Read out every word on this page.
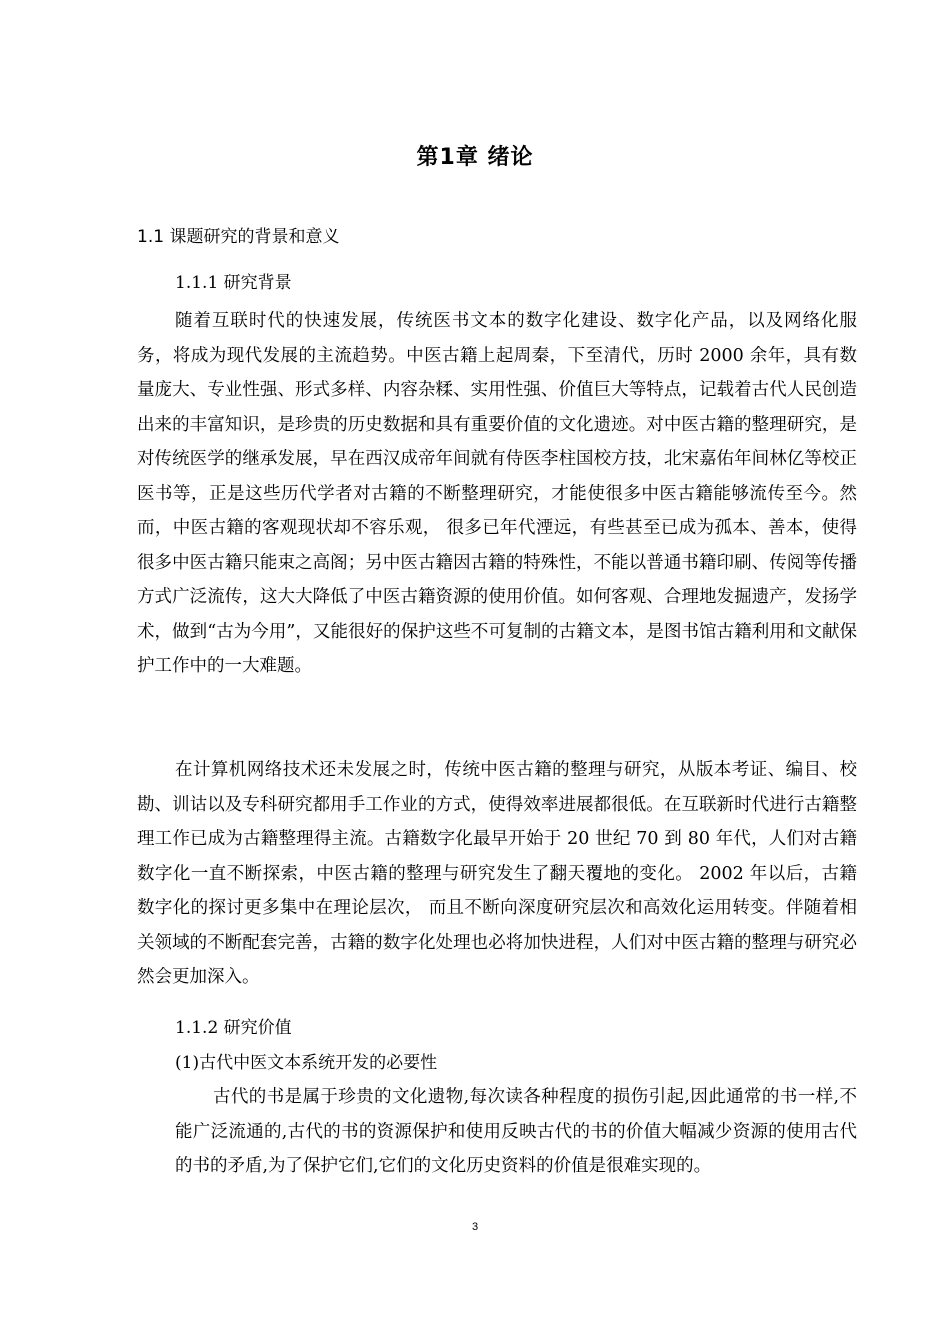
第1章 绪论
1.1 课题研究的背景和意义
1.1.1 研究背景

随着互联时代的快速发展，传统医书文本的数字化建设、数字化产品，以及网络化服务，将成为现代发展的主流趋势。中医古籍上起周秦，下至清代，历时 2000 余年，具有数量庞大、专业性强、形式多样、内容杂糅、实用性强、价值巨大等特点，记载着古代人民创造出来的丰富知识，是珍贵的历史数据和具有重要价值的文化遗迹。对中医古籍的整理研究，是对传统医学的继承发展，早在西汉成帝年间就有侍医李柱国校方技，北宋嘉佑年间林亿等校正医书等，正是这些历代学者对古籍的不断整理研究，才能使很多中医古籍能够流传至今。然而，中医古籍的客观现状却不容乐观， 很多已年代湮远，有些甚至已成为孤本、善本，使得很多中医古籍只能束之高阁；另中医古籍因古籍的特殊性，不能以普通书籍印刷、传阅等传播方式广泛流传，这大大降低了中医古籍资源的使用价值。如何客观、合理地发掘遗产，发扬学术，做到“古为今用”，又能很好的保护这些不可复制的古籍文本，是图书馆古籍利用和文献保护工作中的一大难题。

在计算机网络技术还未发展之时，传统中医古籍的整理与研究，从版本考证、编目、校勘、训诂以及专科研究都用手工作业的方式，使得效率进展都很低。在互联新时代进行古籍整理工作已成为古籍整理得主流。古籍数字化最早开始于 20 世纪 70 到 80 年代，人们对古籍数字化一直不断探索，中医古籍的整理与研究发生了翻天覆地的变化。 2002 年以后，古籍数字化的探讨更多集中在理论层次， 而且不断向深度研究层次和高效化运用转变。伴随着相关领域的不断配套完善，古籍的数字化处理也必将加快进程，人们对中医古籍的整理与研究必然会更加深入。

1.1.2 研究价值
(1)古代中医文本系统开发的必要性

古代的书是属于珍贵的文化遗物,每次读各种程度的损伤引起,因此通常的书一样,不能广泛流通的,古代的书的资源保护和使用反映古代的书的价值大幅减少资源的使用古代的书的矛盾,为了保护它们,它们的文化历史资料的价值是很难实现的。

3
